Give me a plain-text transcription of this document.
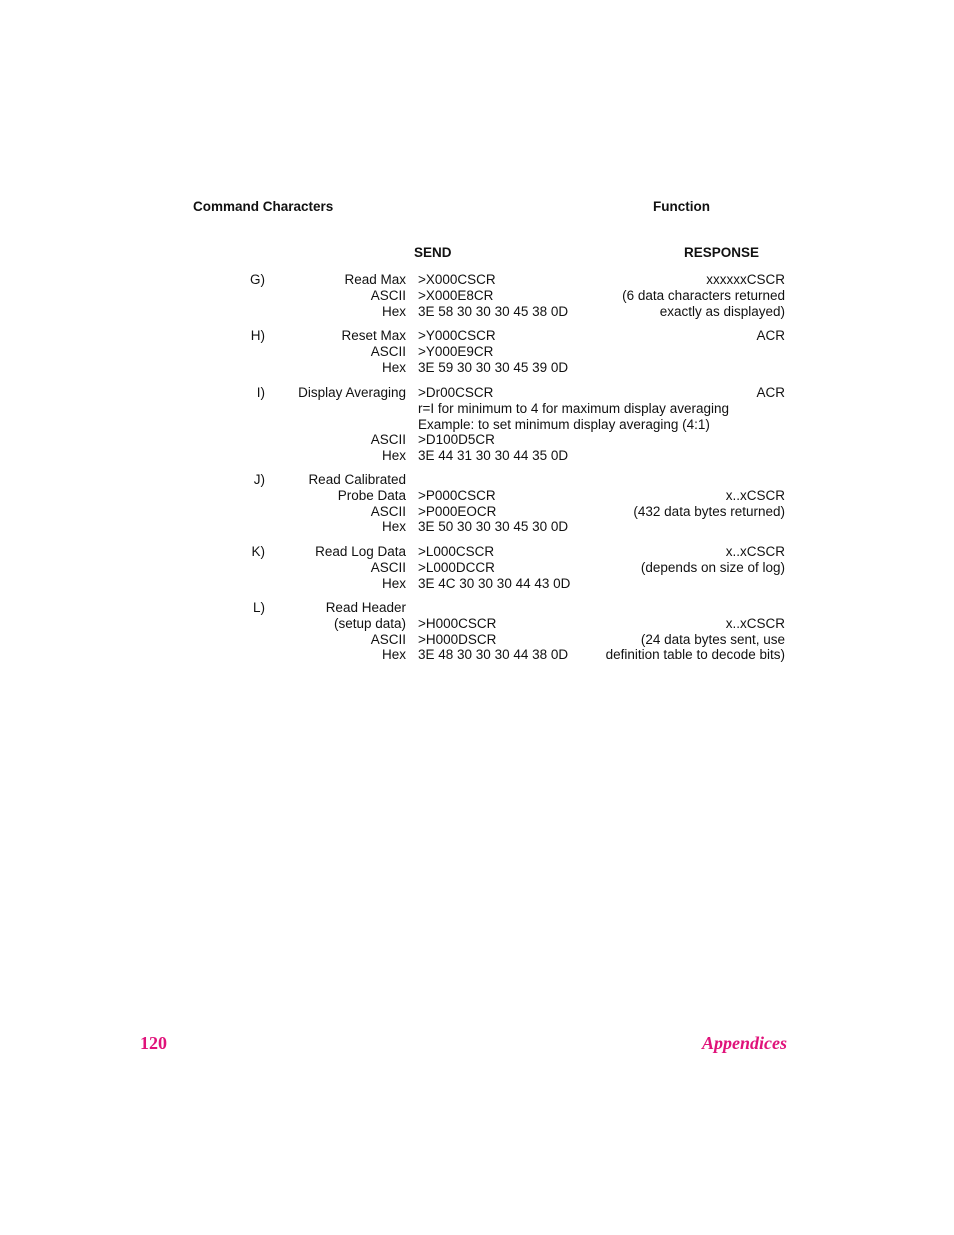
Command Characters	Function
SEND	RESPONSE
G)	Read Max >X000CSCR	xxxxxxCSCR
ASCII >X000E8CR	(6 data characters returned
Hex 3E 58 30 30 30 45 38 0D	exactly as displayed)
H)	Reset Max >Y000CSCR	ACR
ASCII >Y000E9CR
Hex 3E 59 30 30 30 45 39 0D
I)	Display Averaging >Dr00CSCR	ACR
r=I for minimum to 4 for maximum display averaging
Example: to set minimum display averaging (4:1)
ASCII >D100D5CR
Hex 3E 44 31 30 30 44 35 0D
J)	Read Calibrated
Probe Data >P000CSCR	x..xCSCR
ASCII >P000EOCR	(432 data bytes returned)
Hex 3E 50 30 30 30 45 30 0D
K)	Read Log Data >L000CSCR	x..xCSCR
ASCII >L000DCCR	(depends on size of log)
Hex 3E 4C 30 30 30 44 43 0D
L)	Read Header
(setup data) >H000CSCR	x..xCSCR
ASCII >H000DSCR	(24 data bytes sent, use
Hex 3E 48 30 30 30 44 38 0D	definition table to decode bits)
120	Appendices
